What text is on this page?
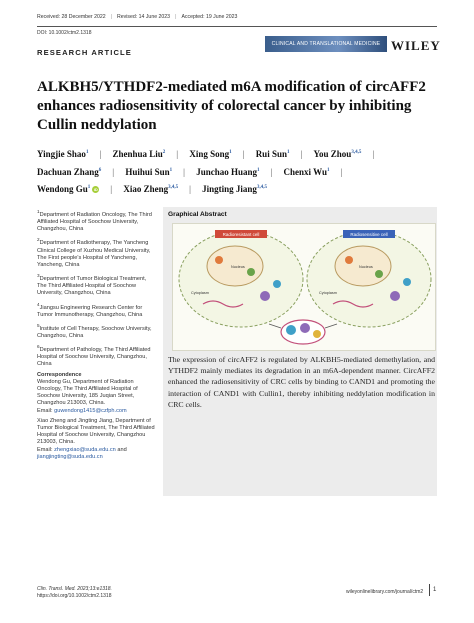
Received: 28 December 2022 | Revised: 14 June 2023 | Accepted: 19 June 2023
DOI: 10.1002/ctm2.1318
RESEARCH ARTICLE
CLINICAL AND TRANSLATIONAL MEDICINE WILEY
ALKBH5/YTHDF2-mediated m6A modification of circAFF2 enhances radiosensitivity of colorectal cancer by inhibiting Cullin neddylation
Yingjie Shao$^1$ | Zhenhua Liu$^2$ | Xing Song$^1$ | Rui Sun$^1$ | You Zhou$^{3,4,5}$ |
Dachuan Zhang$^6$ | Huihui Sun$^1$ | Junchao Huang$^1$ | Chenxi Wu$^1$ |
Wendong Gu$^1$ iD | Xiao Zheng$^{3,4,5}$ | Jingting Jiang$^{3,4,5}$

$^1$Department of Radiation Oncology, The Third Affiliated Hospital of Soochow University, Changzhou, China

$^2$Department of Radiotherapy, The Yancheng Clinical College of Xuzhou Medical University, The First people's Hospital of Yancheng, Yancheng, China

$^3$Department of Tumor Biological Treatment, The Third Affiliated Hospital of Soochow University, Changzhou, China

$^4$Jiangsu Engineering Research Center for Tumor Immunotherapy, Changzhou, China

$^5$Institute of Cell Therapy, Soochow University, Changzhou, China

$^6$Department of Pathology, The Third Affiliated Hospital of Soochow University, Changzhou, China

Correspondence

Wendong Gu, Department of Radiation Oncology, The Third Affiliated Hospital of Soochow University, 185 Juqian Street, Changzhou 213003, China.
Email: guwendong1415@czfph.com

Xiao Zheng and Jingting Jiang, Department of Tumor Biological Treatment, The Third Affiliated Hospital of Soochow University, Changzhou 213003, China.
Email: zhengxiao@suda.edu.cn and
jiangjingting@suda.edu.cn

Graphical Abstract
Radioresistant cell
Nucleus
Cytoplasm
Radiosensitive cell
Nucleus
Cytoplasm
The expression of circAFF2 is regulated by ALKBH5-mediated demethylation, and YTHDF2 mainly mediates its degradation in an m6A-dependent manner. CircAFF2 enhanced the radiosensitivity of CRC cells by binding to CAND1 and promoting the interaction of CAND1 with Cullin1, thereby inhibiting neddylation modification in CRC cells.
Clin. Transl. Med. 2023;13:e1318.
https://doi.org/10.1002/ctm2.1318
wileyonlinelibrary.com/journal/ctm2 1
